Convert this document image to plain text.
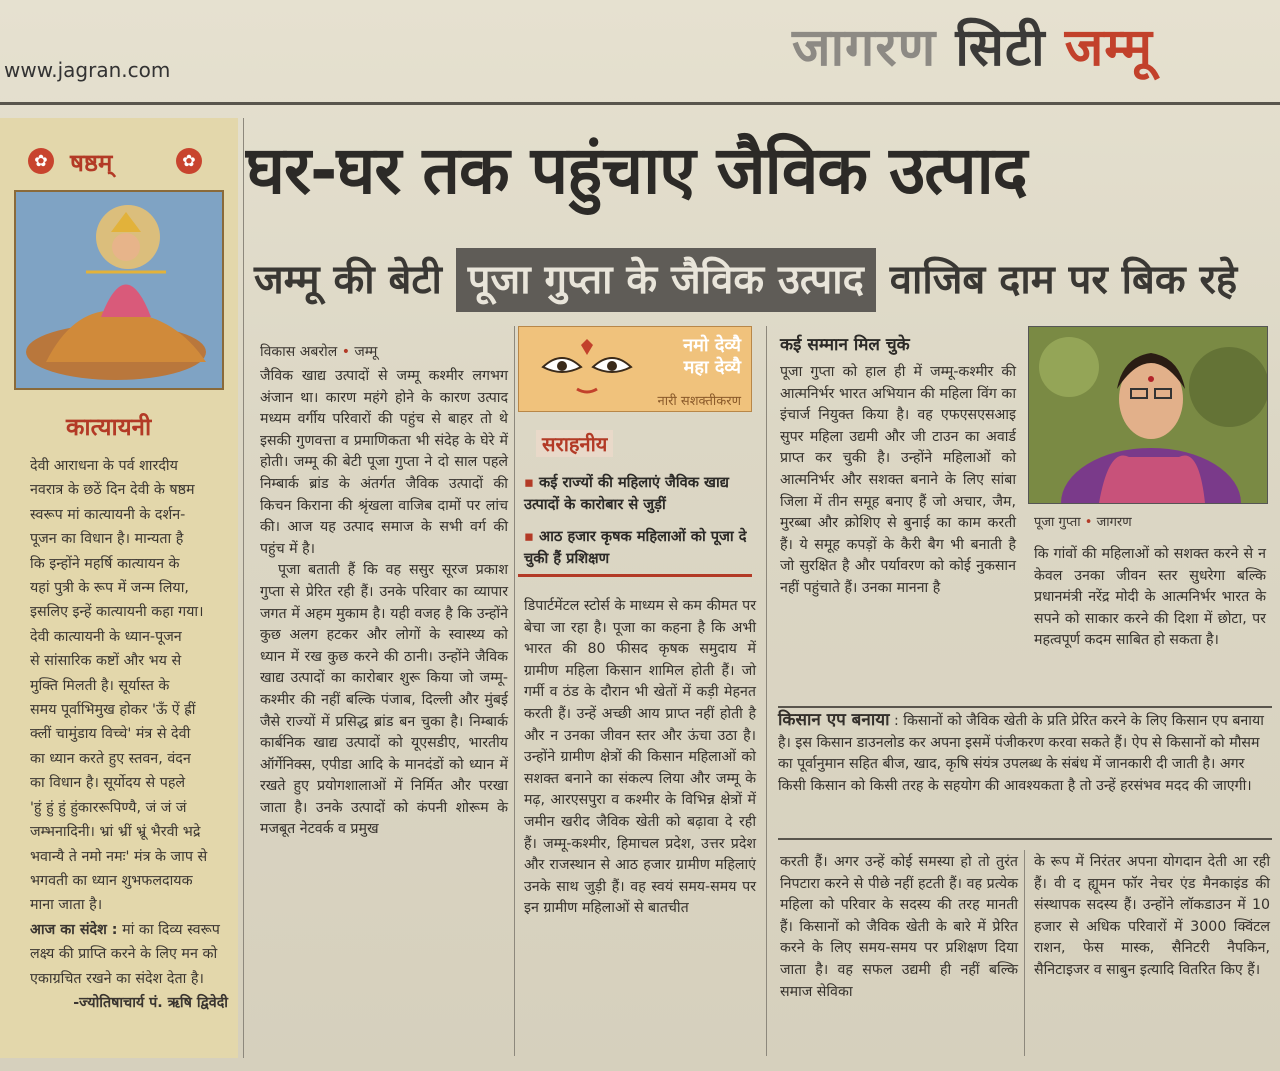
www.jagran.com	जागरण सिटी जम्मू
✿ षष्ठम्	✿
कात्यायनी

देवी आराधना के पर्व शारदीय

नवरात्र के छठें दिन देवी के षष्ठम

स्वरूप मां कात्यायनी के दर्शन-

पूजन का विधान है। मान्यता है

कि इन्होंने महर्षि कात्यायन के

यहां पुत्री के रूप में जन्म लिया,

इसलिए इन्हें कात्यायनी कहा गया।

देवी कात्यायनी के ध्यान-पूजन

से सांसारिक कष्टों और भय से

मुक्ति मिलती है। सूर्यास्त के

समय पूर्वाभिमुख होकर 'ऊँ ऐं ह्रीं

क्लीं चामुंडाय विच्चे' मंत्र से देवी

का ध्यान करते हुए स्तवन, वंदन

का विधान है। सूर्योदय से पहले

'हुं हुं हुं हुंकाररूपिण्यै, जं जं जं

जम्भनादिनी। भ्रां भ्रीं भ्रूं भैरवी भद्रे

भवान्यै ते नमो नमः' मंत्र के जाप से

भगवती का ध्यान शुभफलदायक

माना जाता है।

आज का संदेश : मां का दिव्य स्वरूप लक्ष्य की प्राप्ति करने के लिए मन को एकाग्रचित रखने का संदेश देता है।

-ज्योतिषाचार्य पं. ऋषि द्विवेदी

घर-घर तक पहुंचाए जैविक उत्पाद
जम्मू की बेटी पूजा गुप्ता के जैविक उत्पाद वाजिब दाम पर बिक रहे
विकास अबरोल • जम्मू

जैविक खाद्य उत्पादों से जम्मू कश्मीर लगभग अंजान था। कारण महंगे होने के कारण उत्पाद मध्यम वर्गीय परिवारों की पहुंच से बाहर तो थे इसकी गुणवत्ता व प्रमाणिकता भी संदेह के घेरे में होती। जम्मू की बेटी पूजा गुप्ता ने दो साल पहले निम्बार्क ब्रांड के अंतर्गत जैविक उत्पादों की किचन किराना की श्रृंखला वाजिब दामों पर लांच की। आज यह उत्पाद समाज के सभी वर्ग की पहुंच में है।

पूजा बताती हैं कि वह ससुर सूरज प्रकाश गुप्ता से प्रेरित रही हैं। उनके परिवार का व्यापार जगत में अहम मुकाम है। यही वजह है कि उन्होंने कुछ अलग हटकर और लोगों के स्वास्थ्य को ध्यान में रख कुछ करने की ठानी। उन्होंने जैविक खाद्य उत्पादों का कारोबार शुरू किया जो जम्मू-कश्मीर की नहीं बल्कि पंजाब, दिल्ली और मुंबई जैसे राज्यों में प्रसिद्ध ब्रांड बन चुका है। निम्बार्क कार्बनिक खाद्य उत्पादों को यूएसडीए, भारतीय ऑर्गेनिक्स, एपीडा आदि के मानदंडों को ध्यान में रखते हुए प्रयोगशालाओं में निर्मित और परखा जाता है। उनके उत्पादों को कंपनी शोरूम के मजबूत नेटवर्क व प्रमुख

नमो देव्यै
महा देव्यै
नारी सशक्तीकरण
सराहनीय
▪ कई राज्यों की महिलाएं जैविक खाद्य उत्पादों के कारोबार से जुड़ीं
▪ आठ हजार कृषक महिलाओं को पूजा दे चुकी हैं प्रशिक्षण

डिपार्टमेंटल स्टोर्स के माध्यम से कम कीमत पर बेचा जा रहा है। पूजा का कहना है कि अभी भारत की 80 फीसद कृषक समुदाय में ग्रामीण महिला किसान शामिल होती हैं। जो गर्मी व ठंड के दौरान भी खेतों में कड़ी मेहनत करती हैं। उन्हें अच्छी आय प्राप्त नहीं होती है और न उनका जीवन स्तर और ऊंचा उठा है। उन्होंने ग्रामीण क्षेत्रों की किसान महिलाओं को सशक्त बनाने का संकल्प लिया और जम्मू के मढ़, आरएसपुरा व कश्मीर के विभिन्न क्षेत्रों में जमीन खरीद जैविक खेती को बढ़ावा दे रही हैं। जम्मू-कश्मीर, हिमाचल प्रदेश, उत्तर प्रदेश और राजस्थान से आठ हजार ग्रामीण महिलाएं उनके साथ जुड़ी हैं। वह स्वयं समय-समय पर इन ग्रामीण महिलाओं से बातचीत

कई सम्मान मिल चुके
पूजा गुप्ता को हाल ही में जम्मू-कश्मीर की आत्मनिर्भर भारत अभियान की महिला विंग का इंचार्ज नियुक्त किया है। वह एफएसएसआइ सुपर महिला उद्यमी और जी टाउन का अवार्ड प्राप्त कर चुकी है। उन्होंने महिलाओं को आत्मनिर्भर और सशक्त बनाने के लिए सांबा जिला में तीन समूह बनाए हैं जो अचार, जैम, मुरब्बा और क्रोशिए से बुनाई का काम करती हैं। ये समूह कपड़ों के कैरी बैग भी बनाती है जो सुरक्षित है और पर्यावरण को कोई नुकसान नहीं पहुंचाते हैं। उनका मानना है
पूजा गुप्ता • जागरण
कि गांवों की महिलाओं को सशक्त करने से न केवल उनका जीवन स्तर सुधरेगा बल्कि प्रधानमंत्री नरेंद्र मोदी के आत्मनिर्भर भारत के सपने को साकार करने की दिशा में छोटा, पर महत्वपूर्ण कदम साबित हो सकता है।
किसान एप बनाया : किसानों को जैविक खेती के प्रति प्रेरित करने के लिए किसान एप बनाया है। इस किसान डाउनलोड कर अपना इसमें पंजीकरण करवा सकते हैं। ऐप से किसानों को मौसम का पूर्वानुमान सहित बीज, खाद, कृषि संयंत्र उपलब्ध के संबंध में जानकारी दी जाती है। अगर किसी किसान को किसी तरह के सहयोग की आवश्यकता है तो उन्हें हरसंभव मदद की जाएगी।
करती हैं। अगर उन्हें कोई समस्या हो तो तुरंत निपटारा करने से पीछे नहीं हटती हैं। वह प्रत्येक महिला को परिवार के सदस्य की तरह मानती हैं। किसानों को जैविक खेती के बारे में प्रेरित करने के लिए समय-समय पर प्रशिक्षण दिया जाता है। वह सफल उद्यमी ही नहीं बल्कि समाज सेविका
के रूप में निरंतर अपना योगदान देती आ रही हैं। वी द ह्यूमन फॉर नेचर एंड मैनकाइंड की संस्थापक सदस्य हैं। उन्होंने लॉकडाउन में 10 हजार से अधिक परिवारों में 3000 क्विंटल राशन, फेस मास्क, सैनिटरी नैपकिन, सैनिटाइजर व साबुन इत्यादि वितरित किए हैं।
